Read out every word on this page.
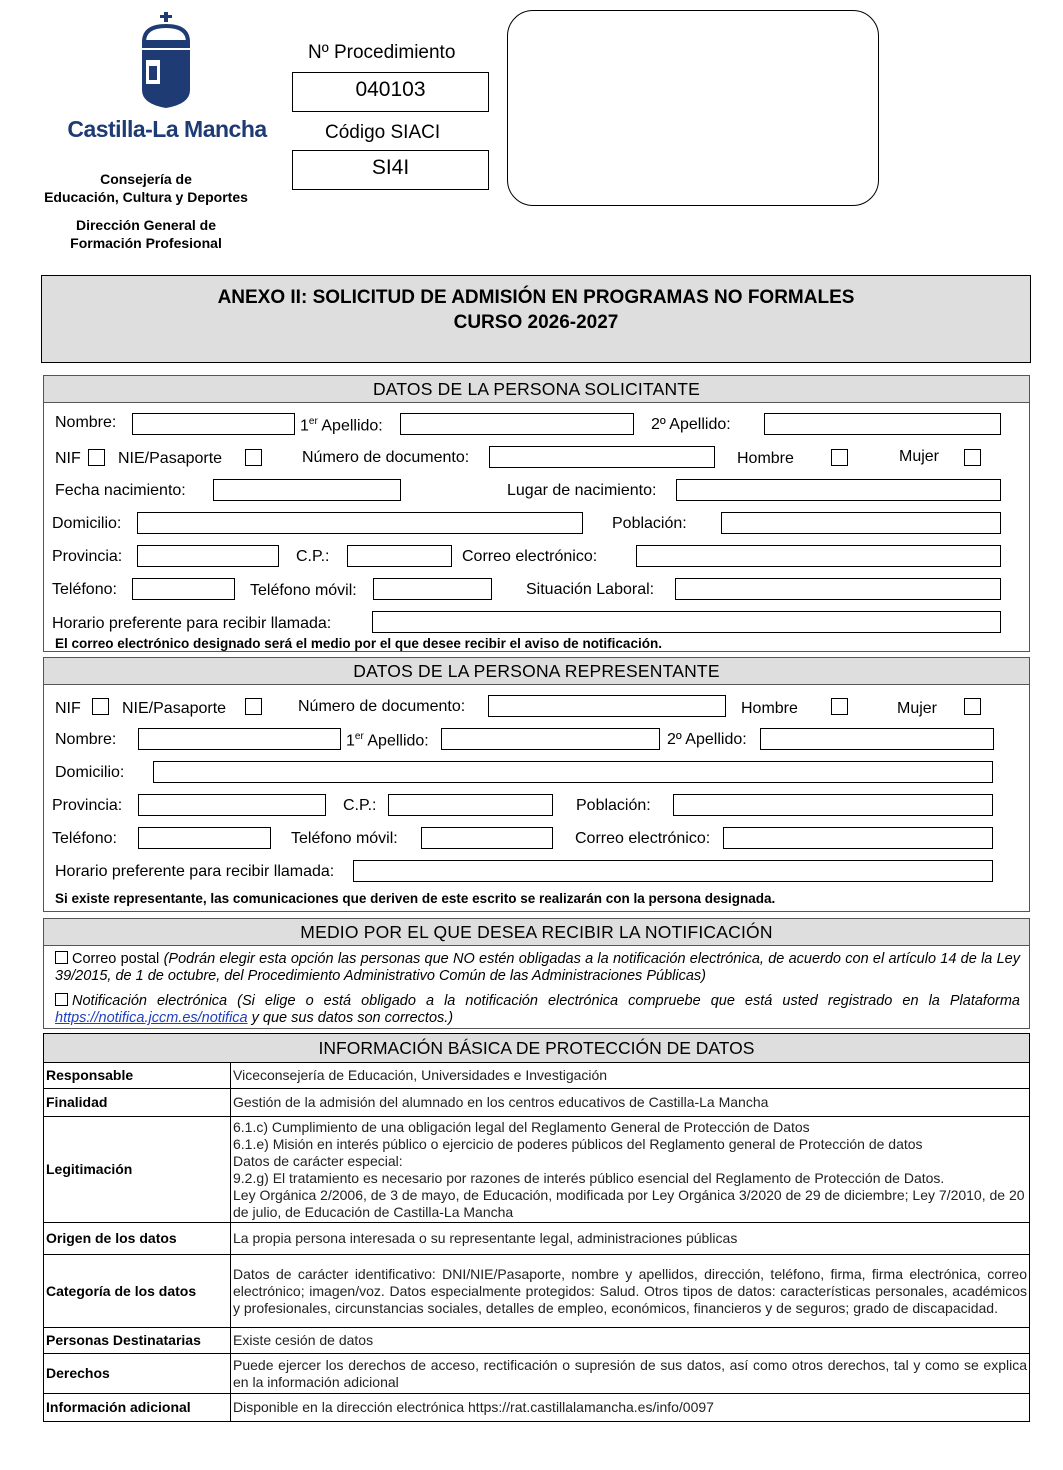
Castilla-La Mancha
Consejería de
Educación, Cultura y Deportes
Dirección General de
Formación Profesional
Nº Procedimiento
040103
Código SIACI
SI4I
ANEXO II: SOLICITUD DE ADMISIÓN EN PROGRAMAS NO FORMALES
CURSO 2026-2027
DATOS DE LA PERSONA SOLICITANTE
Nombre:	1er Apellido:	2º Apellido:
NIF NIE/Pasaporte	Número de documento:	Hombre	Mujer
Fecha nacimiento:	Lugar de nacimiento:
Domicilio:	Población:
Provincia:	C.P.:	Correo electrónico:
Teléfono:	Teléfono móvil:	Situación Laboral:
Horario preferente para recibir llamada:
El correo electrónico designado será el medio por el que desee recibir el aviso de notificación.
DATOS DE LA PERSONA REPRESENTANTE
NIF	NIE/Pasaporte	Número de documento:	Hombre	Mujer
Nombre:	1er Apellido:	2º Apellido:
Domicilio:
Provincia:	C.P.:	Población:
Teléfono:	Teléfono móvil:	Correo electrónico:
Horario preferente para recibir llamada:
Si existe representante, las comunicaciones que deriven de este escrito se realizarán con la persona designada.
MEDIO POR EL QUE DESEA RECIBIR LA NOTIFICACIÓN
Correo postal (Podrán elegir esta opción las personas que NO estén obligadas a la notificación electrónica, de acuerdo con el artículo 14 de la Ley 39/2015, de 1 de octubre, del Procedimiento Administrativo Común de las Administraciones Públicas)
Notificación electrónica (Si elige o está obligado a la notificación electrónica compruebe que está usted registrado en la Plataforma https://notifica.jccm.es/notifica y que sus datos son correctos.)
INFORMACIÓN BÁSICA DE PROTECCIÓN DE DATOS
Responsable	Viceconsejería de Educación, Universidades e Investigación
Finalidad	Gestión de la admisión del alumnado en los centros educativos de Castilla-La Mancha
Legitimación	6.1.c) Cumplimiento de una obligación legal del Reglamento General de Protección de Datos
6.1.e) Misión en interés público o ejercicio de poderes públicos del Reglamento general de Protección de datos
Datos de carácter especial:
9.2.g) El tratamiento es necesario por razones de interés público esencial del Reglamento de Protección de Datos.
Ley Orgánica 2/2006, de 3 de mayo, de Educación, modificada por Ley Orgánica 3/2020 de 29 de diciembre; Ley 7/2010, de 20 de julio, de Educación de Castilla-La Mancha
Origen de los datos	La propia persona interesada o su representante legal, administraciones públicas
Categoría de los datos	Datos de carácter identificativo: DNI/NIE/Pasaporte, nombre y apellidos, dirección, teléfono, firma, firma electrónica, correo electrónico; imagen/voz. Datos especialmente protegidos: Salud. Otros tipos de datos: características personales, académicos y profesionales, circunstancias sociales, detalles de empleo, económicos, financieros y de seguros; grado de discapacidad.
Personas Destinatarias	Existe cesión de datos
Derechos	Puede ejercer los derechos de acceso, rectificación o supresión de sus datos, así como otros derechos, tal y como se explica en la información adicional
Información adicional	Disponible en la dirección electrónica https://rat.castillalamancha.es/info/0097
